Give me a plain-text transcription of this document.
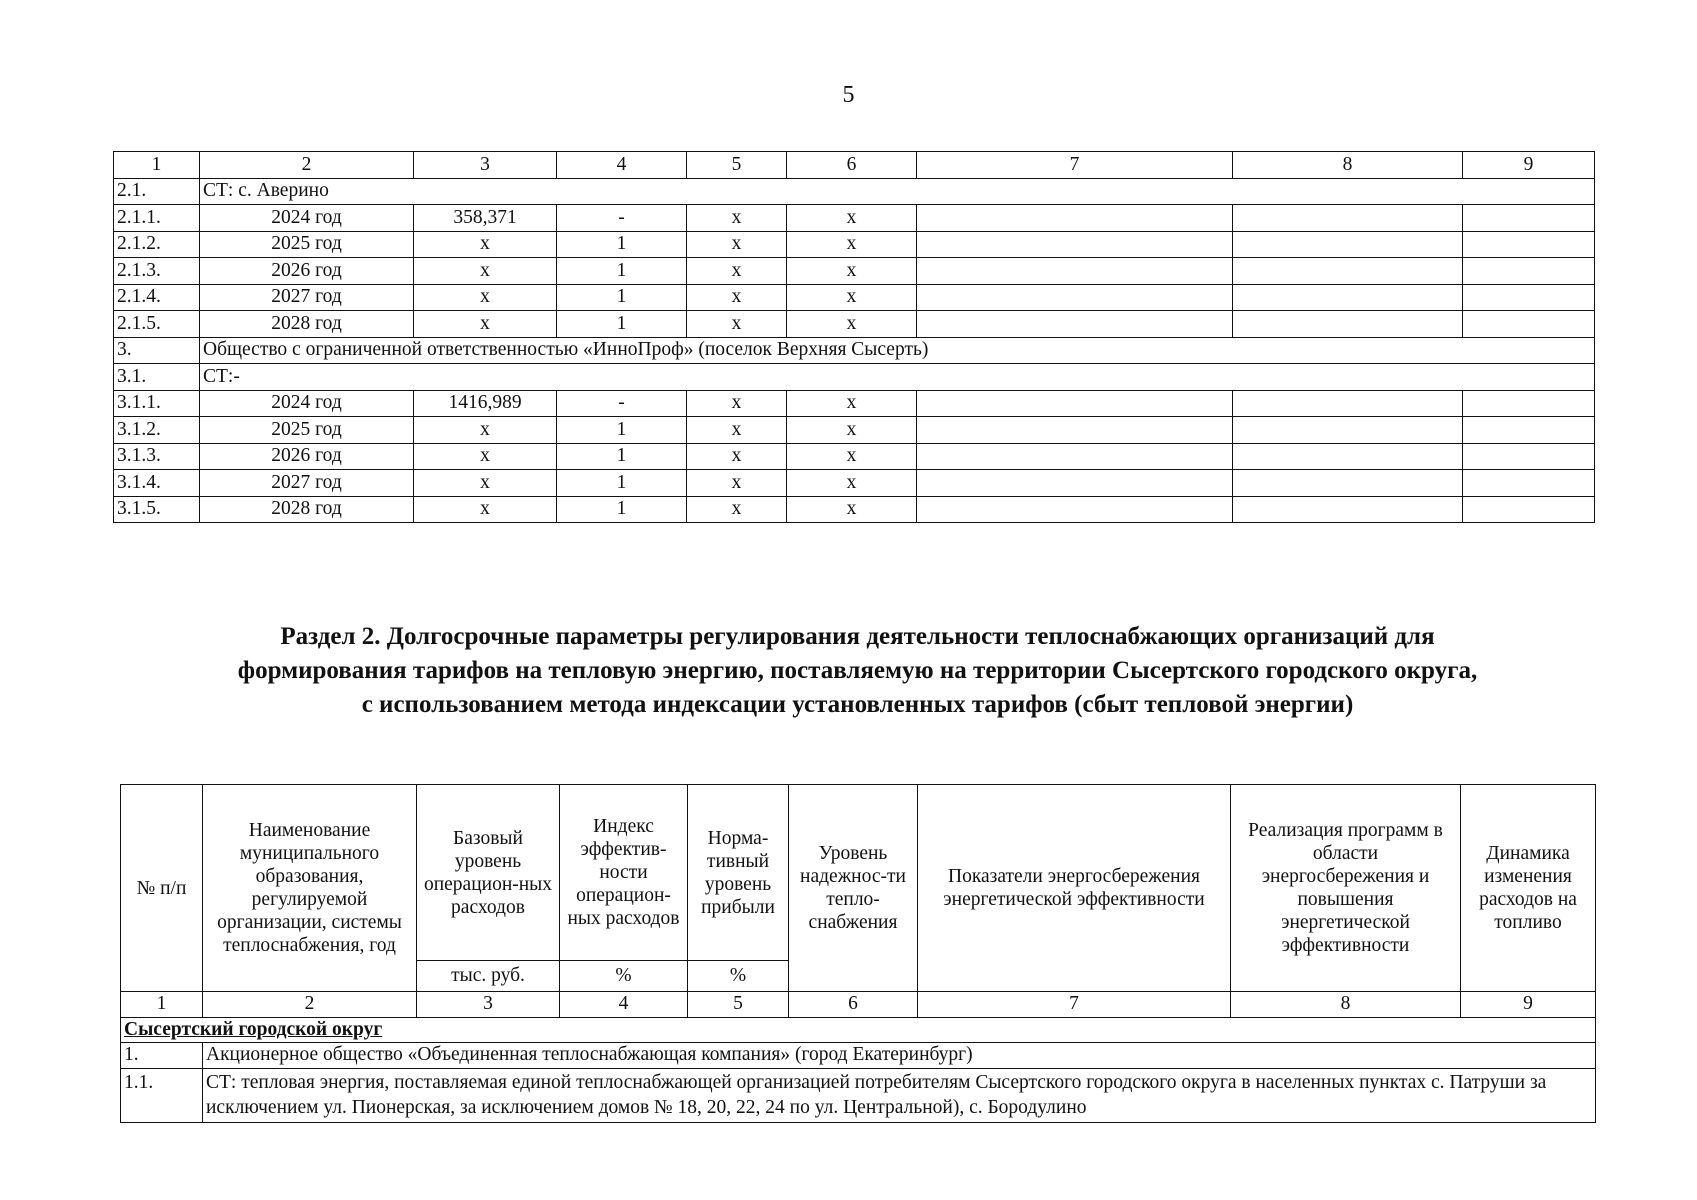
5
1	2	3	4	5	6	7	8	9
2.1.	СТ: с. Аверино							
2.1.1.	2024 год	358,371	-	х	х			
2.1.2.	2025 год	х	1	х	х			
2.1.3.	2026 год	х	1	х	х			
2.1.4.	2027 год	х	1	х	х			
2.1.5.	2028 год	х	1	х	х			
3.	Общество с ограниченной ответственностью «ИнноПроф» (поселок Верхняя Сысерть)							
3.1.	СТ:-							
3.1.1.	2024 год	1416,989	-	х	х			
3.1.2.	2025 год	х	1	х	х			
3.1.3.	2026 год	х	1	х	х			
3.1.4.	2027 год	х	1	х	х			
3.1.5.	2028 год	х	1	х	х			
Раздел 2. Долгосрочные параметры регулирования деятельности теплоснабжающих организаций для
формирования тарифов на тепловую энергию, поставляемую на территории Сысертского городского округа,
с использованием метода индексации установленных тарифов (сбыт тепловой энергии)
№ п/п	Наименование муниципального образования, регулируемой организации, системы теплоснабжения, год	Базовый уровень операцион-ных расходов	Индекс эффектив-ности операцион-ных расходов	Норма-тивный уровень прибыли	Уровень надежнос-ти тепло-снабжения	Показатели энергосбережения энергетической эффективности	Реализация программ в области энергосбережения и повышения энергетической эффективности	Динамика изменения расходов на топливо
		тыс. руб.	%	%				
1	2	3	4	5	6	7	8	9
Сысертский городской округ								
1.	Акционерное общество «Объединенная теплоснабжающая компания» (город Екатеринбург)							
1.1.	СТ: тепловая энергия, поставляемая единой теплоснабжающей организацией потребителям Сысертского городского округа в населенных пунктах с. Патруши за исключением ул. Пионерская, за исключением домов № 18, 20, 22, 24 по ул. Центральной), с. Бородулино							
